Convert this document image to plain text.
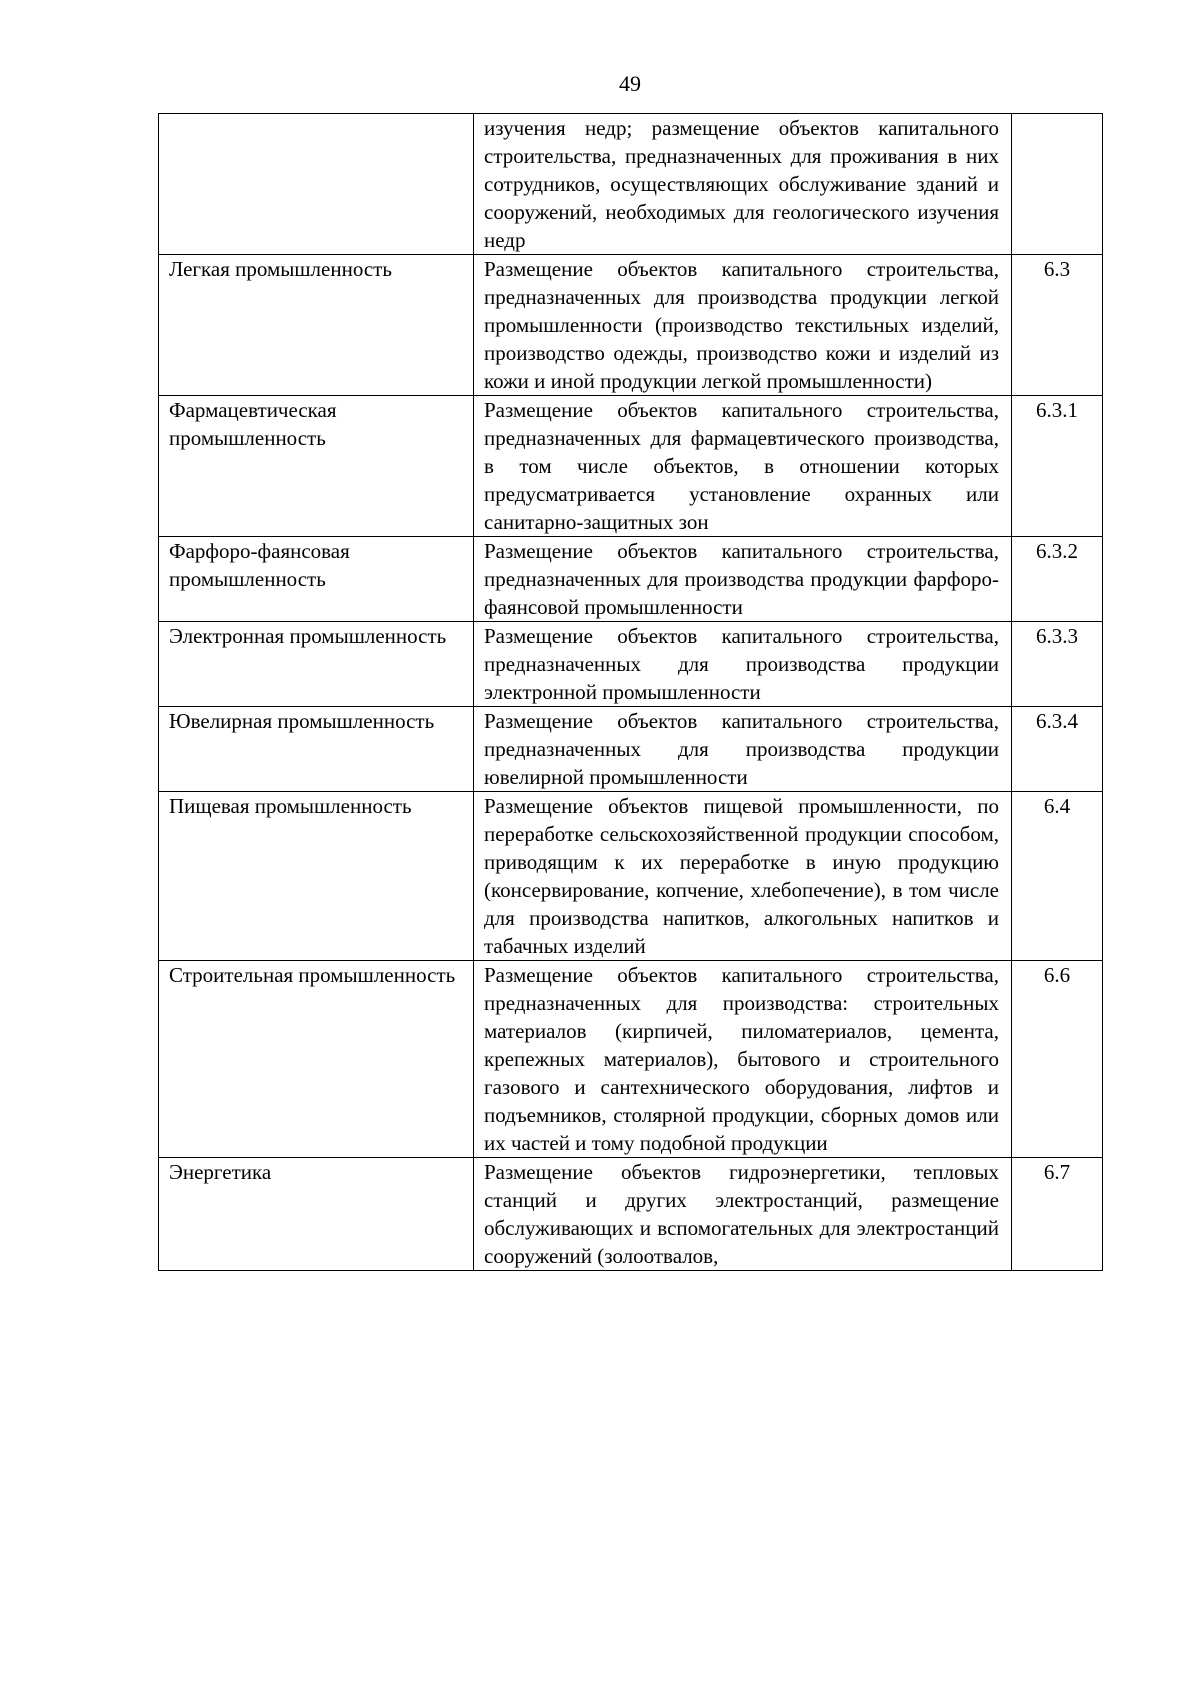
49
	изучения недр; размещение объектов капитального строительства, предназначенных для проживания в них сотрудников, осуществляющих обслуживание зданий и сооружений, необходимых для геологического изучения недр	
Легкая промышленность	Размещение объектов капитального строительства, предназначенных для производства продукции легкой промышленности (производство текстильных изделий, производство одежды, производство кожи и изделий из кожи и иной продукции легкой промышленности)	6.3
Фармацевтическая промышленность	Размещение объектов капитального строительства, предназначенных для фармацевтического производства, в том числе объектов, в отношении которых предусматривается установление охранных или санитарно-защитных зон	6.3.1
Фарфоро-фаянсовая промышленность	Размещение объектов капитального строительства, предназначенных для производства продукции фарфоро-фаянсовой промышленности	6.3.2
Электронная промышленность	Размещение объектов капитального строительства, предназначенных для производства продукции электронной промышленности	6.3.3
Ювелирная промышленность	Размещение объектов капитального строительства, предназначенных для производства продукции ювелирной промышленности	6.3.4
Пищевая промышленность	Размещение объектов пищевой промышленности, по переработке сельскохозяйственной продукции способом, приводящим к их переработке в иную продукцию (консервирование, копчение, хлебопечение), в том числе для производства напитков, алкогольных напитков и табачных изделий	6.4
Строительная промышленность	Размещение объектов капитального строительства, предназначенных для производства: строительных материалов (кирпичей, пиломатериалов, цемента, крепежных материалов), бытового и строительного газового и сантехнического оборудования, лифтов и подъемников, столярной продукции, сборных домов или их частей и тому подобной продукции	6.6
Энергетика	Размещение объектов гидроэнергетики, тепловых станций и других электростанций, размещение обслуживающих и вспомогательных для электростанций сооружений (золоотвалов,	6.7
